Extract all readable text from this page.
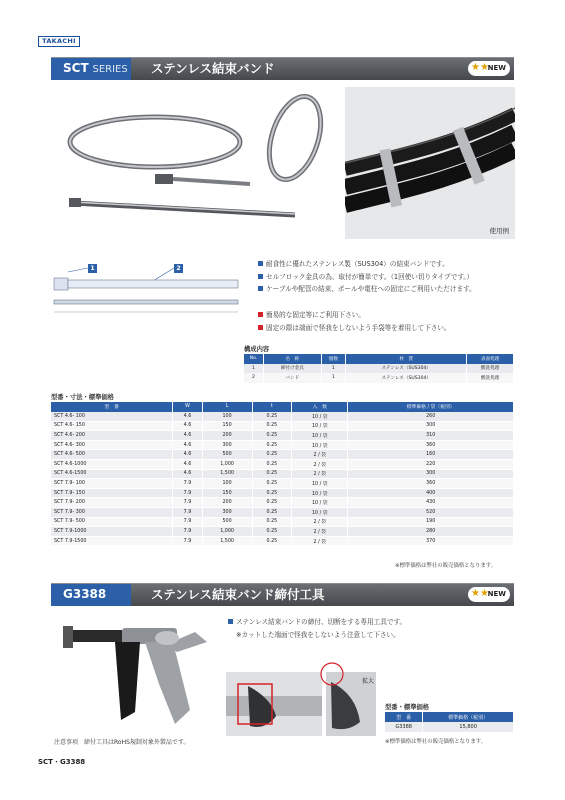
TAKACHI
SCT SERIES ステンレス結束バンド	★★
NEW
使用例
1	2	耐食性に優れたステンレス製（SUS304）の結束バンドです。
セルフロック金具の為、取付が簡単です。（1回使い切りタイプです。）
ケーブルや配管の結束、ポールや電柱への固定にご利用いただけます。
簡易的な固定等にご利用下さい。
固定の際は端面で怪我をしないよう手袋等を着用して下さい。
構成内容
No.	名　称	個数	材　質	表面処理
1	締付け金具	1	ステンレス（SUS304）	酸洗処理
2	バンド	1	ステンレス（SUS304）	酸洗処理
型番・寸法・標準価格
型　番	W	L	t	入　数	標準価格 / 袋（税別）
SCT 4.6- 100	4.6	100	0.25	10 / 袋	260
SCT 4.6- 150	4.6	150	0.25	10 / 袋	300
SCT 4.6- 200	4.6	200	0.25	10 / 袋	310
SCT 4.6- 300	4.6	300	0.25	10 / 袋	360
SCT 4.6- 500	4.6	500	0.25	2 / 袋	160
SCT 4.6-1000	4.6	1,000	0.25	2 / 袋	220
SCT 4.6-1500	4.6	1,500	0.25	2 / 袋	300
SCT 7.9- 100	7.9	100	0.25	10 / 袋	360
SCT 7.9- 150	7.9	150	0.25	10 / 袋	400
SCT 7.9- 200	7.9	200	0.25	10 / 袋	430
SCT 7.9- 300	7.9	300	0.25	10 / 袋	520
SCT 7.9- 500	7.9	500	0.25	2 / 袋	190
SCT 7.9-1000	7.9	1,000	0.25	2 / 袋	280
SCT 7.9-1500	7.9	1,500	0.25	2 / 袋	370
※標準価格は弊社の販売価格となります。
G3388	ステンレス結束バンド締付工具	★★
NEW
ステンレス結束バンドの締付、切断をする専用工具です。
※カットした端面で怪我をしないよう注意して下さい。
拡大
注意事項　締付工具はRoHS規制対象外製品です。
型番・標準価格
型　番	標準価格（税別）
G3388	15,800
※標準価格は弊社の販売価格となります。
SCT・G3388
